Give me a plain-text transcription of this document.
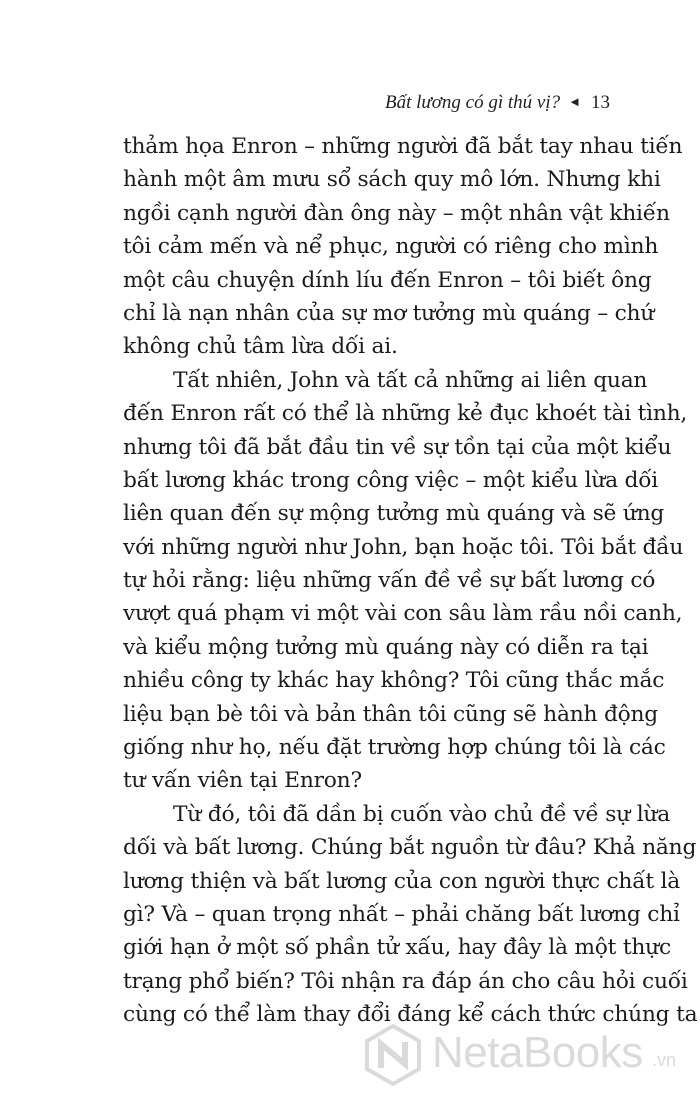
Bất lương có gì thú vị? ◄ 13
thảm họa Enron – những người đã bắt tay nhau tiến
hành một âm mưu sổ sách quy mô lớn. Nhưng khi
ngồi cạnh người đàn ông này – một nhân vật khiến
tôi cảm mến và nể phục, người có riêng cho mình
một câu chuyện dính líu đến Enron – tôi biết ông
chỉ là nạn nhân của sự mơ tưởng mù quáng – chứ
không chủ tâm lừa dối ai.
Tất nhiên, John và tất cả những ai liên quan
đến Enron rất có thể là những kẻ đục khoét tài tình,
nhưng tôi đã bắt đầu tin về sự tồn tại của một kiểu
bất lương khác trong công việc – một kiểu lừa dối
liên quan đến sự mộng tưởng mù quáng và sẽ ứng
với những người như John, bạn hoặc tôi. Tôi bắt đầu
tự hỏi rằng: liệu những vấn đề về sự bất lương có
vượt quá phạm vi một vài con sâu làm rầu nồi canh,
và kiểu mộng tưởng mù quáng này có diễn ra tại
nhiều công ty khác hay không? Tôi cũng thắc mắc
liệu bạn bè tôi và bản thân tôi cũng sẽ hành động
giống như họ, nếu đặt trường hợp chúng tôi là các
tư vấn viên tại Enron?
Từ đó, tôi đã dần bị cuốn vào chủ đề về sự lừa
dối và bất lương. Chúng bắt nguồn từ đâu? Khả năng
lương thiện và bất lương của con người thực chất là
gì? Và – quan trọng nhất – phải chăng bất lương chỉ
giới hạn ở một số phần tử xấu, hay đây là một thực
trạng phổ biến? Tôi nhận ra đáp án cho câu hỏi cuối
cùng có thể làm thay đổi đáng kể cách thức chúng ta
NetaBooks .vn
